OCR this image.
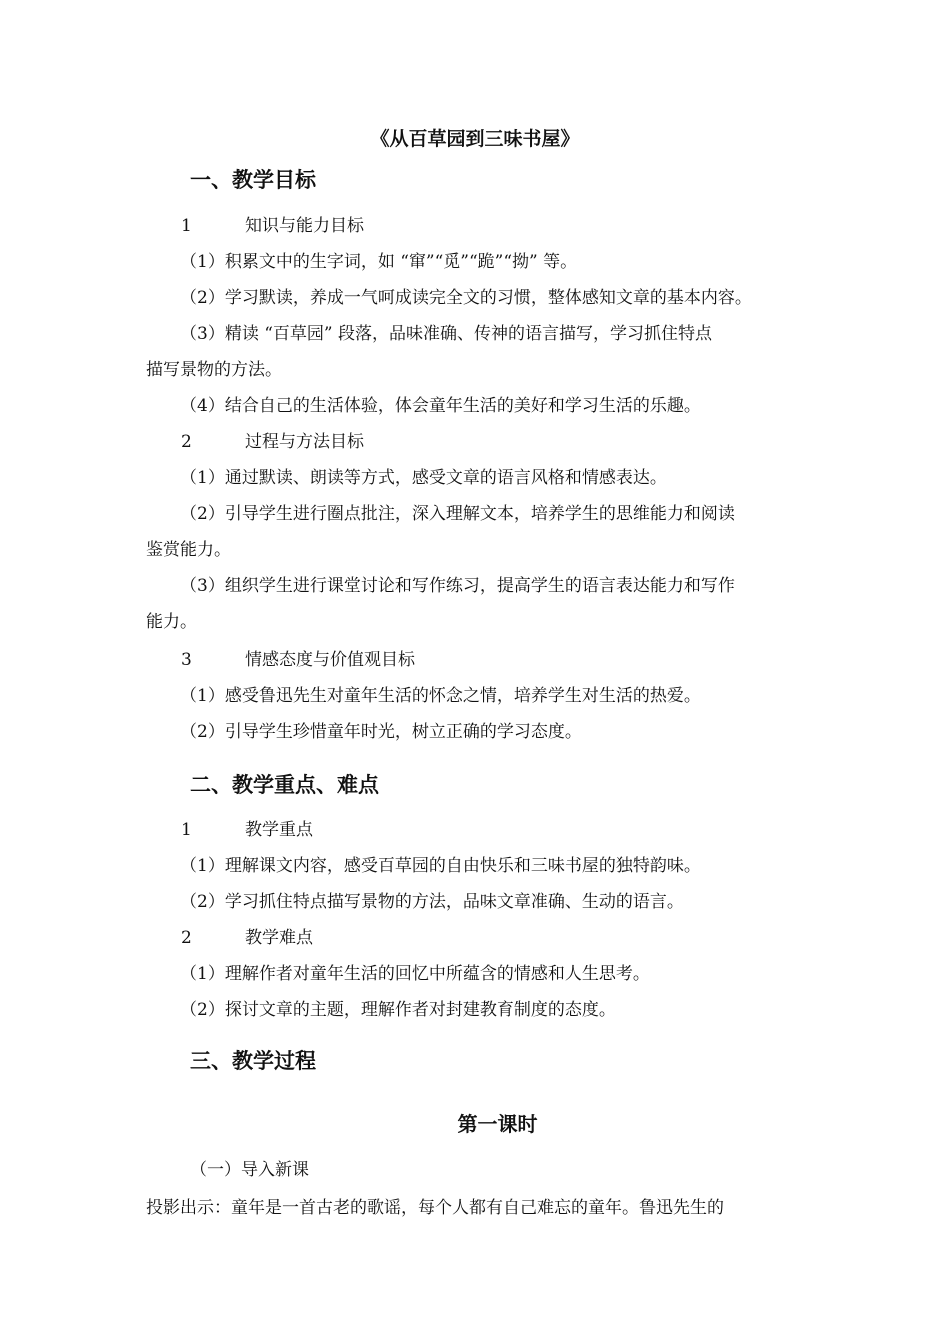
《从百草园到三味书屋》
一、教学目标
1	知识与能力目标
（1）积累文中的生字词，如 “窜”“觅”“跪”“拗” 等。
（2）学习默读，养成一气呵成读完全文的习惯，整体感知文章的基本内容。
（3）精读 “百草园” 段落，品味准确、传神的语言描写，学习抓住特点
描写景物的方法。
（4）结合自己的生活体验，体会童年生活的美好和学习生活的乐趣。
2	过程与方法目标
（1）通过默读、朗读等方式，感受文章的语言风格和情感表达。
（2）引导学生进行圈点批注，深入理解文本，培养学生的思维能力和阅读
鉴赏能力。
（3）组织学生进行课堂讨论和写作练习，提高学生的语言表达能力和写作
能力。
3	情感态度与价值观目标
（1）感受鲁迅先生对童年生活的怀念之情，培养学生对生活的热爱。
（2）引导学生珍惜童年时光，树立正确的学习态度。
二、教学重点、难点
1	教学重点
（1）理解课文内容，感受百草园的自由快乐和三味书屋的独特韵味。
（2）学习抓住特点描写景物的方法，品味文章准确、生动的语言。
2	教学难点
（1）理解作者对童年生活的回忆中所蕴含的情感和人生思考。
（2）探讨文章的主题，理解作者对封建教育制度的态度。
三、教学过程
第一课时
（一）导入新课
投影出示：童年是一首古老的歌谣，每个人都有自己难忘的童年。鲁迅先生的
